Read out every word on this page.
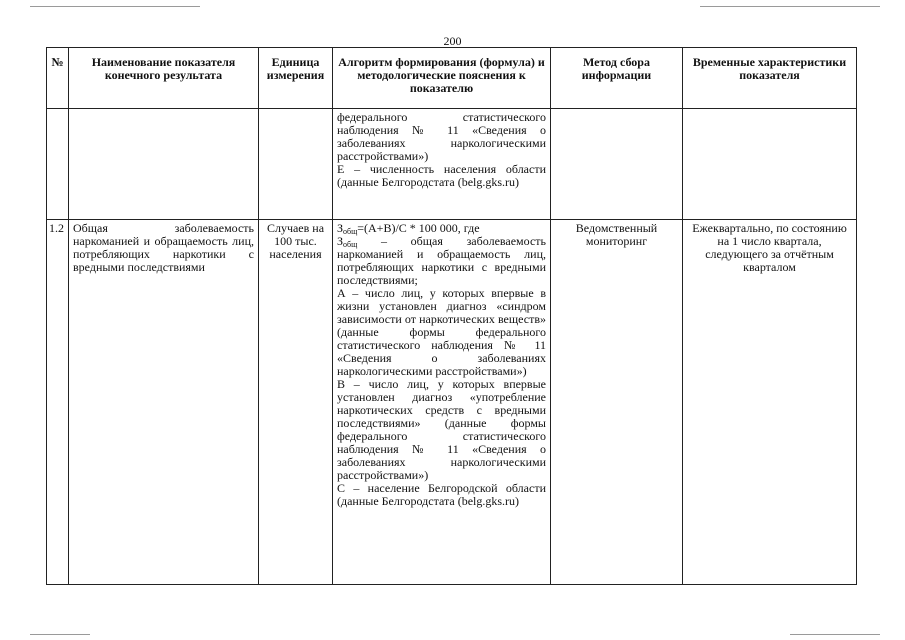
200
№	Наименование показателя конечного результата	Единица измерения	Алгоритм формирования (формула) и методологические пояснения к показателю	Метод сбора информации	Временные характеристики показателя

			федерального статистического наблюдения № 11 «Сведения о заболеваниях наркологическими расстройствами»)
Е – численность населения области (данные Белгородстата (belg.gks.ru)		

1.2	Общая заболеваемость наркоманией и обращаемость лиц, потребляющих наркотики с вредными последствиями	Случаев на 100 тыс. населения	$З_{общ}=(А+В)/С * 100$ 000, где
$З_{общ}$ – общая заболеваемость наркоманией и обращаемость лиц, потребляющих наркотики с вредными последствиями;
А – число лиц, у которых впервые в жизни установлен диагноз «синдром зависимости от наркотических веществ» (данные формы федерального статистического наблюдения № 11 «Сведения о заболеваниях наркологическими расстройствами»)
В – число лиц, у которых впервые установлен диагноз «употребление наркотических средств с вредными последствиями» (данные формы федерального статистического наблюдения № 11 «Сведения о заболеваниях наркологическими расстройствами»)
С – население Белгородской области (данные Белгородстата (belg.gks.ru)	Ведомственный мониторинг	Ежеквартально, по состоянию на 1 число квартала, следующего за отчётным кварталом
